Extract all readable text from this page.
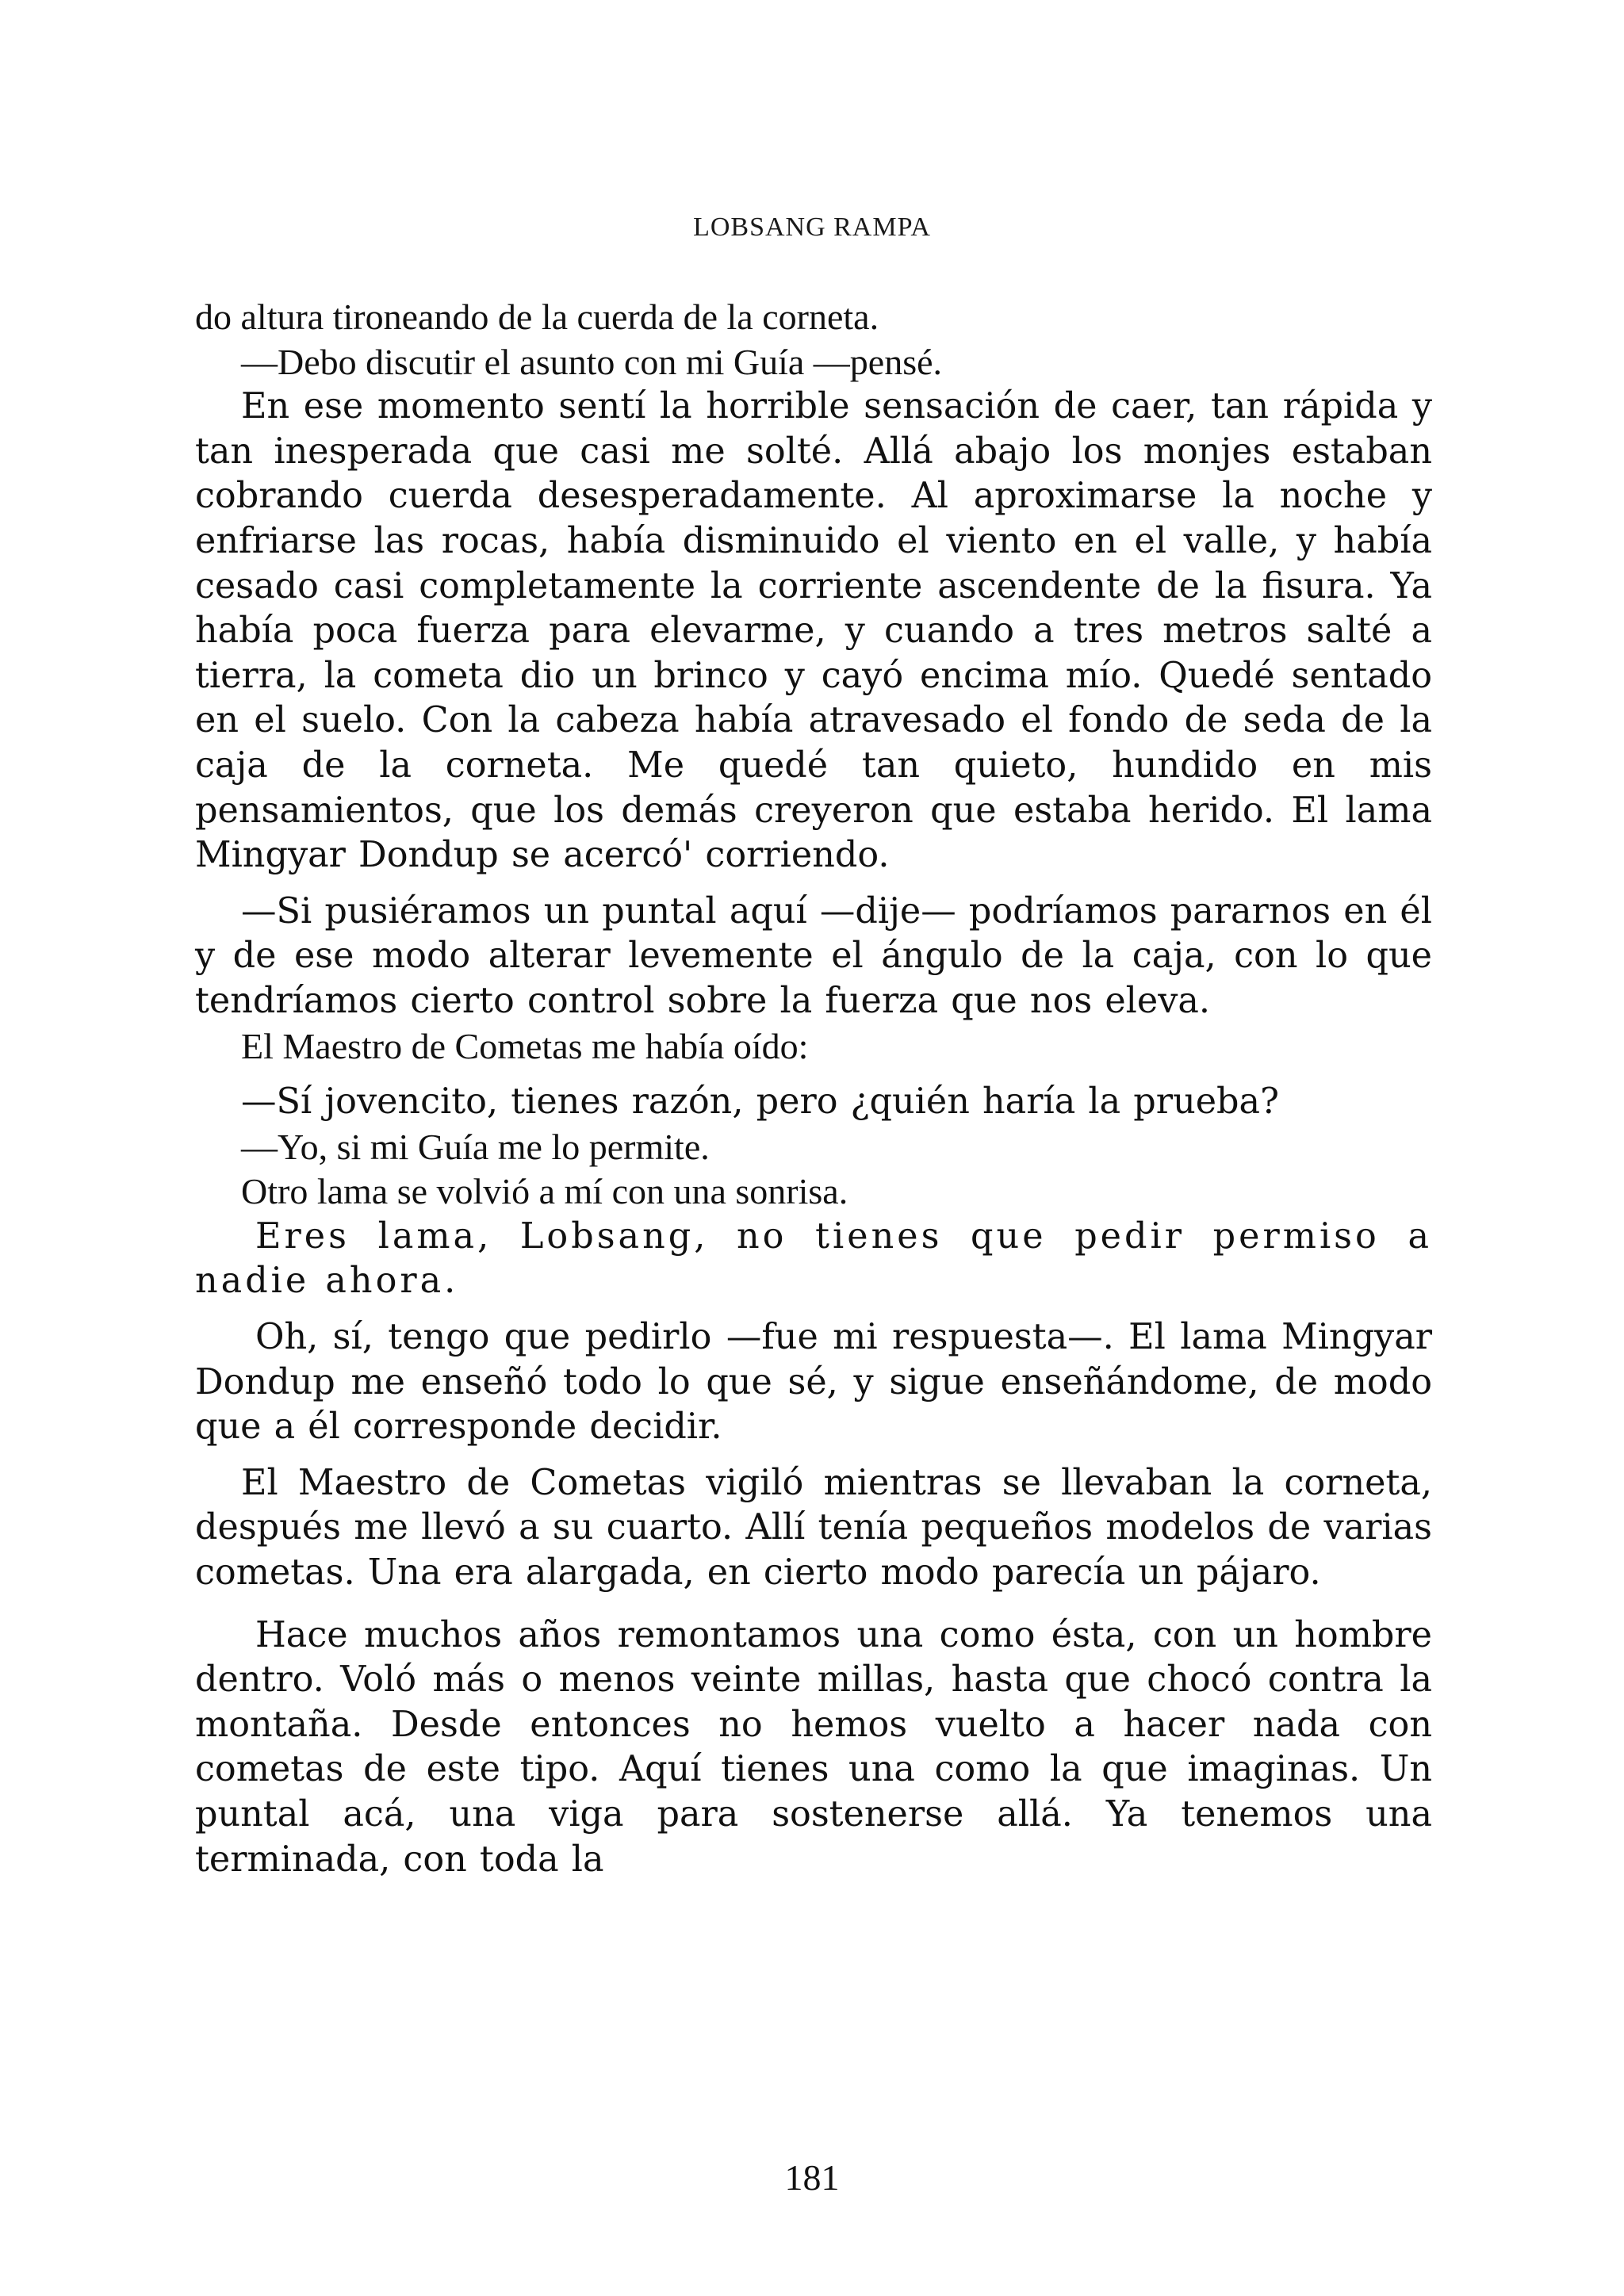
LOBSANG RAMPA

do altura tironeando de la cuerda de la corneta.

—Debo discutir el asunto con mi Guía —pensé.

En ese momento sentí la horrible sensación de caer, tan rápida y tan inesperada que casi me solté. Allá abajo los monjes estaban cobrando cuerda desesperadamente. Al aproximarse la noche y enfriarse las rocas, había disminuido el viento en el valle, y había cesado casi completamente la corriente ascendente de la fisura. Ya había poca fuerza para elevarme, y cuando a tres metros salté a tierra, la cometa dio un brinco y cayó encima mío. Quedé sentado en el suelo. Con la cabeza había atravesado el fondo de seda de la caja de la corneta. Me quedé tan quieto, hundido en mis pensamientos, que los demás creyeron que estaba herido. El lama Mingyar Dondup se acercó' corriendo.

—Si pusiéramos un puntal aquí —dije— podríamos pararnos en él y de ese modo alterar levemente el ángulo de la caja, con lo que tendríamos cierto control sobre la fuerza que nos eleva.

El Maestro de Cometas me había oído:

—Sí jovencito, tienes razón, pero ¿quién haría la prueba?

—Yo, si mi Guía me lo permite.

Otro lama se volvió a mí con una sonrisa.

Eres lama, Lobsang, no tienes que pedir permiso a nadie ahora.

Oh, sí, tengo que pedirlo —fue mi respuesta—. El lama Mingyar Dondup me enseñó todo lo que sé, y sigue enseñándome, de modo que a él corresponde decidir.

El Maestro de Cometas vigiló mientras se llevaban la corneta, después me llevó a su cuarto. Allí tenía pequeños modelos de varias cometas. Una era alargada, en cierto modo parecía un pájaro.

Hace muchos años remontamos una como ésta, con un hombre dentro. Voló más o menos veinte millas, hasta que chocó contra la montaña. Desde entonces no hemos vuelto a hacer nada con cometas de este tipo. Aquí tienes una como la que imaginas. Un puntal acá, una viga para sostenerse allá. Ya tenemos una terminada, con toda la

181
